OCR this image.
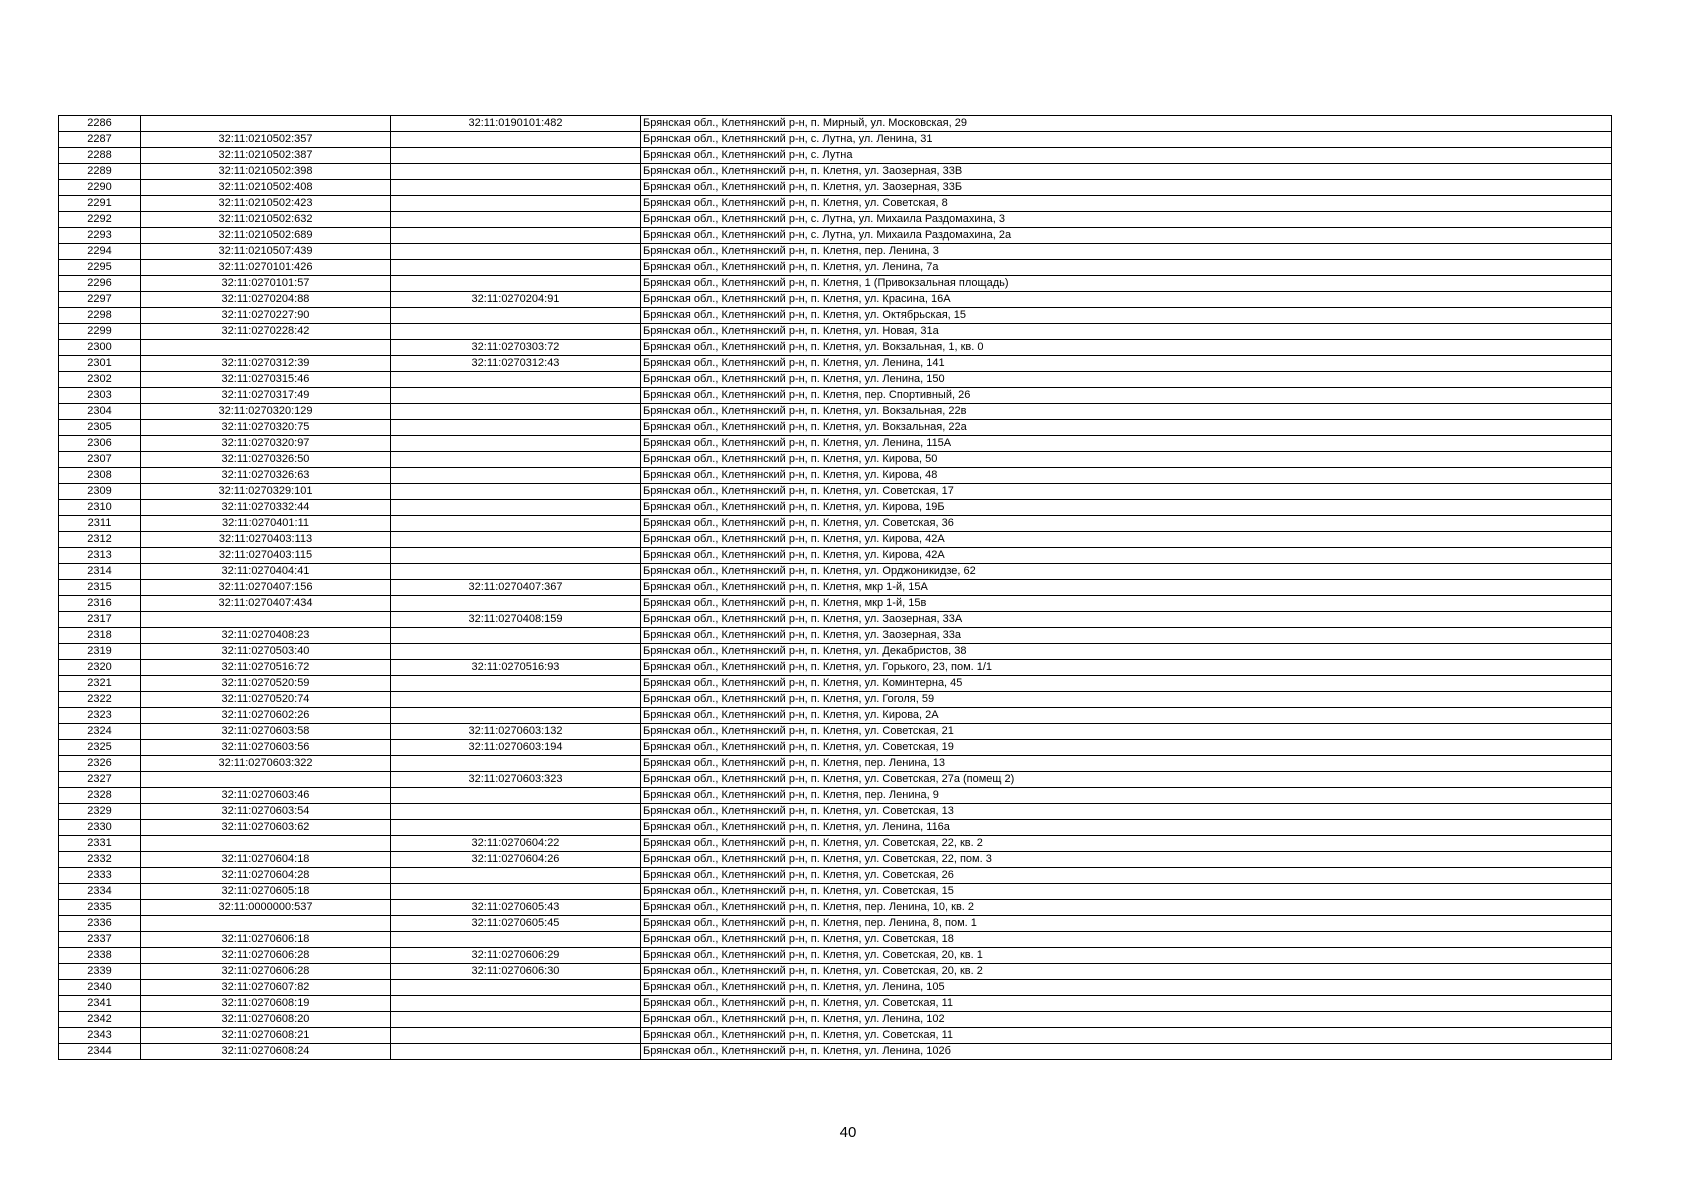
2286		32:11:0190101:482	Брянская обл., Клетнянский р-н, п. Мирный, ул. Московская, 29
2287	32:11:0210502:357		Брянская обл., Клетнянский р-н, с. Лутна, ул. Ленина, 31
2288	32:11:0210502:387		Брянская обл., Клетнянский р-н, с. Лутна
2289	32:11:0210502:398		Брянская обл., Клетнянский р-н, п. Клетня, ул. Заозерная, 33В
2290	32:11:0210502:408		Брянская обл., Клетнянский р-н, п. Клетня, ул. Заозерная, 33Б
2291	32:11:0210502:423		Брянская обл., Клетнянский р-н, п. Клетня, ул. Советская, 8
2292	32:11:0210502:632		Брянская обл., Клетнянский р-н, с. Лутна, ул. Михаила Раздомахина, 3
2293	32:11:0210502:689		Брянская обл., Клетнянский р-н, с. Лутна, ул. Михаила Раздомахина, 2а
2294	32:11:0210507:439		Брянская обл., Клетнянский р-н, п. Клетня, пер. Ленина, 3
2295	32:11:0270101:426		Брянская обл., Клетнянский р-н, п. Клетня, ул. Ленина, 7а
2296	32:11:0270101:57		Брянская обл., Клетнянский р-н, п. Клетня, 1 (Привокзальная площадь)
2297	32:11:0270204:88	32:11:0270204:91	Брянская обл., Клетнянский р-н, п. Клетня, ул. Красина, 16А
2298	32:11:0270227:90		Брянская обл., Клетнянский р-н, п. Клетня, ул. Октябрьская, 15
2299	32:11:0270228:42		Брянская обл., Клетнянский р-н, п. Клетня, ул. Новая, 31а
2300		32:11:0270303:72	Брянская обл., Клетнянский р-н, п. Клетня, ул. Вокзальная, 1, кв. 0
2301	32:11:0270312:39	32:11:0270312:43	Брянская обл., Клетнянский р-н, п. Клетня, ул. Ленина, 141
2302	32:11:0270315:46		Брянская обл., Клетнянский р-н, п. Клетня, ул. Ленина, 150
2303	32:11:0270317:49		Брянская обл., Клетнянский р-н, п. Клетня, пер. Спортивный, 26
2304	32:11:0270320:129		Брянская обл., Клетнянский р-н, п. Клетня, ул. Вокзальная, 22в
2305	32:11:0270320:75		Брянская обл., Клетнянский р-н, п. Клетня, ул. Вокзальная, 22а
2306	32:11:0270320:97		Брянская обл., Клетнянский р-н, п. Клетня, ул. Ленина, 115А
2307	32:11:0270326:50		Брянская обл., Клетнянский р-н, п. Клетня, ул. Кирова, 50
2308	32:11:0270326:63		Брянская обл., Клетнянский р-н, п. Клетня, ул. Кирова, 48
2309	32:11:0270329:101		Брянская обл., Клетнянский р-н, п. Клетня, ул. Советская, 17
2310	32:11:0270332:44		Брянская обл., Клетнянский р-н, п. Клетня, ул. Кирова, 19Б
2311	32:11:0270401:11		Брянская обл., Клетнянский р-н, п. Клетня, ул. Советская, 36
2312	32:11:0270403:113		Брянская обл., Клетнянский р-н, п. Клетня, ул. Кирова, 42А
2313	32:11:0270403:115		Брянская обл., Клетнянский р-н, п. Клетня, ул. Кирова, 42А
2314	32:11:0270404:41		Брянская обл., Клетнянский р-н, п. Клетня, ул. Орджоникидзе, 62
2315	32:11:0270407:156	32:11:0270407:367	Брянская обл., Клетнянский р-н, п. Клетня, мкр 1-й, 15А
2316	32:11:0270407:434		Брянская обл., Клетнянский р-н, п. Клетня, мкр 1-й, 15в
2317		32:11:0270408:159	Брянская обл., Клетнянский р-н, п. Клетня, ул. Заозерная, 33А
2318	32:11:0270408:23		Брянская обл., Клетнянский р-н, п. Клетня, ул. Заозерная, 33а
2319	32:11:0270503:40		Брянская обл., Клетнянский р-н, п. Клетня, ул. Декабристов, 38
2320	32:11:0270516:72	32:11:0270516:93	Брянская обл., Клетнянский р-н, п. Клетня, ул. Горького, 23, пом. 1/1
2321	32:11:0270520:59		Брянская обл., Клетнянский р-н, п. Клетня, ул. Коминтерна, 45
2322	32:11:0270520:74		Брянская обл., Клетнянский р-н, п. Клетня, ул. Гоголя, 59
2323	32:11:0270602:26		Брянская обл., Клетнянский р-н, п. Клетня, ул. Кирова, 2А
2324	32:11:0270603:58	32:11:0270603:132	Брянская обл., Клетнянский р-н, п. Клетня, ул. Советская, 21
2325	32:11:0270603:56	32:11:0270603:194	Брянская обл., Клетнянский р-н, п. Клетня, ул. Советская, 19
2326	32:11:0270603:322		Брянская обл., Клетнянский р-н, п. Клетня, пер. Ленина, 13
2327		32:11:0270603:323	Брянская обл., Клетнянский р-н, п. Клетня, ул. Советская, 27а (помещ 2)
2328	32:11:0270603:46		Брянская обл., Клетнянский р-н, п. Клетня, пер. Ленина, 9
2329	32:11:0270603:54		Брянская обл., Клетнянский р-н, п. Клетня, ул. Советская, 13
2330	32:11:0270603:62		Брянская обл., Клетнянский р-н, п. Клетня, ул. Ленина, 116а
2331		32:11:0270604:22	Брянская обл., Клетнянский р-н, п. Клетня, ул. Советская, 22, кв. 2
2332	32:11:0270604:18	32:11:0270604:26	Брянская обл., Клетнянский р-н, п. Клетня, ул. Советская, 22, пом. 3
2333	32:11:0270604:28		Брянская обл., Клетнянский р-н, п. Клетня, ул. Советская, 26
2334	32:11:0270605:18		Брянская обл., Клетнянский р-н, п. Клетня, ул. Советская, 15
2335	32:11:0000000:537	32:11:0270605:43	Брянская обл., Клетнянский р-н, п. Клетня, пер. Ленина, 10, кв. 2
2336		32:11:0270605:45	Брянская обл., Клетнянский р-н, п. Клетня, пер. Ленина, 8, пом. 1
2337	32:11:0270606:18		Брянская обл., Клетнянский р-н, п. Клетня, ул. Советская, 18
2338	32:11:0270606:28	32:11:0270606:29	Брянская обл., Клетнянский р-н, п. Клетня, ул. Советская, 20, кв. 1
2339	32:11:0270606:28	32:11:0270606:30	Брянская обл., Клетнянский р-н, п. Клетня, ул. Советская, 20, кв. 2
2340	32:11:0270607:82		Брянская обл., Клетнянский р-н, п. Клетня, ул. Ленина, 105
2341	32:11:0270608:19		Брянская обл., Клетнянский р-н, п. Клетня, ул. Советская, 11
2342	32:11:0270608:20		Брянская обл., Клетнянский р-н, п. Клетня, ул. Ленина, 102
2343	32:11:0270608:21		Брянская обл., Клетнянский р-н, п. Клетня, ул. Советская, 11
2344	32:11:0270608:24		Брянская обл., Клетнянский р-н, п. Клетня, ул. Ленина, 102б
40
